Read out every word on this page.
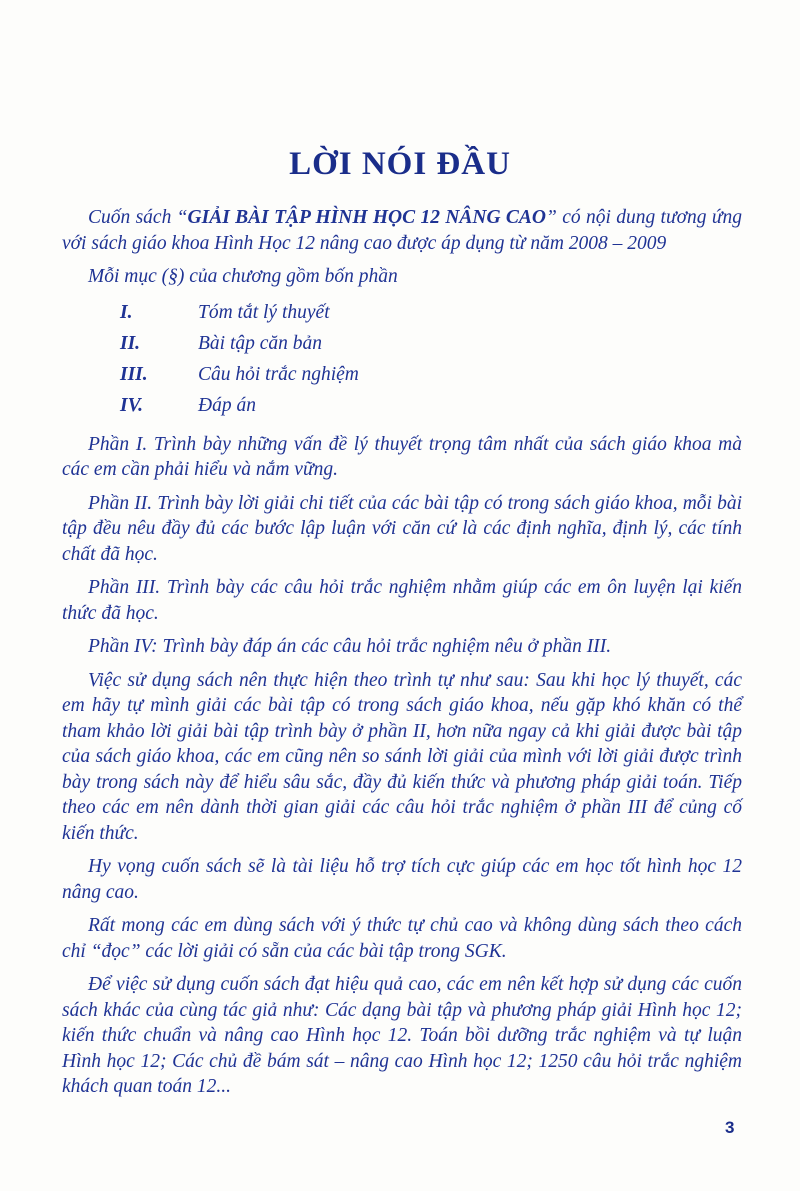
LỜI NÓI ĐẦU

Cuốn sách “GIẢI BÀI TẬP HÌNH HỌC 12 NÂNG CAO” có nội dung tương ứng với sách giáo khoa Hình Học 12 nâng cao được áp dụng từ năm 2008 – 2009

Mỗi mục (§) của chương gồm bốn phần

I.	Tóm tắt lý thuyết
II.	Bài tập căn bản
III.	Câu hỏi trắc nghiệm
IV.	Đáp án

Phần I. Trình bày những vấn đề lý thuyết trọng tâm nhất của sách giáo khoa mà các em cần phải hiểu và nắm vững.

Phần II. Trình bày lời giải chi tiết của các bài tập có trong sách giáo khoa, mỗi bài tập đều nêu đầy đủ các bước lập luận với căn cứ là các định nghĩa, định lý, các tính chất đã học.

Phần III. Trình bày các câu hỏi trắc nghiệm nhằm giúp các em ôn luyện lại kiến thức đã học.

Phần IV: Trình bày đáp án các câu hỏi trắc nghiệm nêu ở phần III.

Việc sử dụng sách nên thực hiện theo trình tự như sau: Sau khi học lý thuyết, các em hãy tự mình giải các bài tập có trong sách giáo khoa, nếu gặp khó khăn có thể tham khảo lời giải bài tập trình bày ở phần II, hơn nữa ngay cả khi giải được bài tập của sách giáo khoa, các em cũng nên so sánh lời giải của mình với lời giải được trình bày trong sách này để hiểu sâu sắc, đầy đủ kiến thức và phương pháp giải toán. Tiếp theo các em nên dành thời gian giải các câu hỏi trắc nghiệm ở phần III để củng cố kiến thức.

Hy vọng cuốn sách sẽ là tài liệu hỗ trợ tích cực giúp các em học tốt hình học 12 nâng cao.

Rất mong các em dùng sách với ý thức tự chủ cao và không dùng sách theo cách chỉ “đọc” các lời giải có sẵn của các bài tập trong SGK.

Để việc sử dụng cuốn sách đạt hiệu quả cao, các em nên kết hợp sử dụng các cuốn sách khác của cùng tác giả như: Các dạng bài tập và phương pháp giải Hình học 12; kiến thức chuẩn và nâng cao Hình học 12. Toán bồi dưỡng trắc nghiệm và tự luận Hình học 12; Các chủ đề bám sát – nâng cao Hình học 12; 1250 câu hỏi trắc nghiệm khách quan toán 12...

3
